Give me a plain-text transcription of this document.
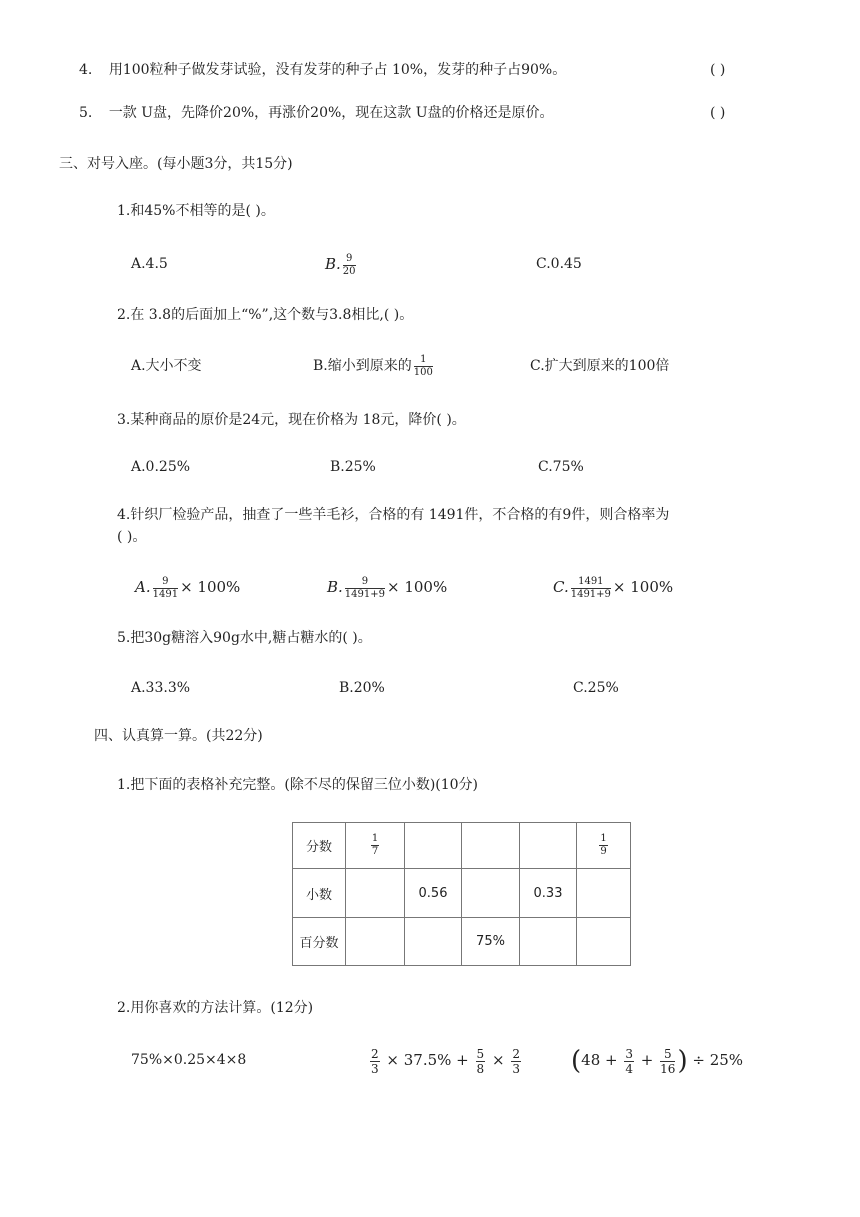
4. 用100粒种子做发芽试验，没有发芽的种子占 10%，发芽的种子占90%。	( )
5. 一款 U盘，先降价20%，再涨价20%，现在这款 U盘的价格还是原价。	( )
三、对号入座。(每小题3分，共15分)
1.和45%不相等的是( )。
A.4.5	B. $\frac{9}{20}$	C.0.45
2.在 3.8的后面加上“%”,这个数与3.8相比,( )。
A.大小不变	B.缩小到原来的 $\frac{1}{100}$	C.扩大到原来的100倍
3.某种商品的原价是24元，现在价格为 18元，降价( )。
A.0.25%	B.25%	C.75%
4.针织厂检验产品，抽查了一些羊毛衫，合格的有 1491件，不合格的有9件，则合格率为
( )。
A. $\frac{9}{1491} \times 100\%$	B. $\frac{9}{1491+9} \times 100\%$	C. $\frac{1491}{1491+9} \times 100\%$
5.把30g糖溶入90g水中,糖占糖水的( )。
A.33.3%	B.20%	C.25%
四、认真算一算。(共22分)
1.把下面的表格补充完整。(除不尽的保留三位小数)(10分)
分数	$\frac{1}{7}$				$\frac{1}{9}$

小数		0.56		0.33	
百分数			75%		
2.用你喜欢的方法计算。(12分)
75%×0.25×4×8	$\frac{2}{3} \times 37.5\% + \frac{5}{8} \times \frac{2}{3} (48 + \frac{3}{4} + \frac{5}{16}$ ) ÷ 25%
